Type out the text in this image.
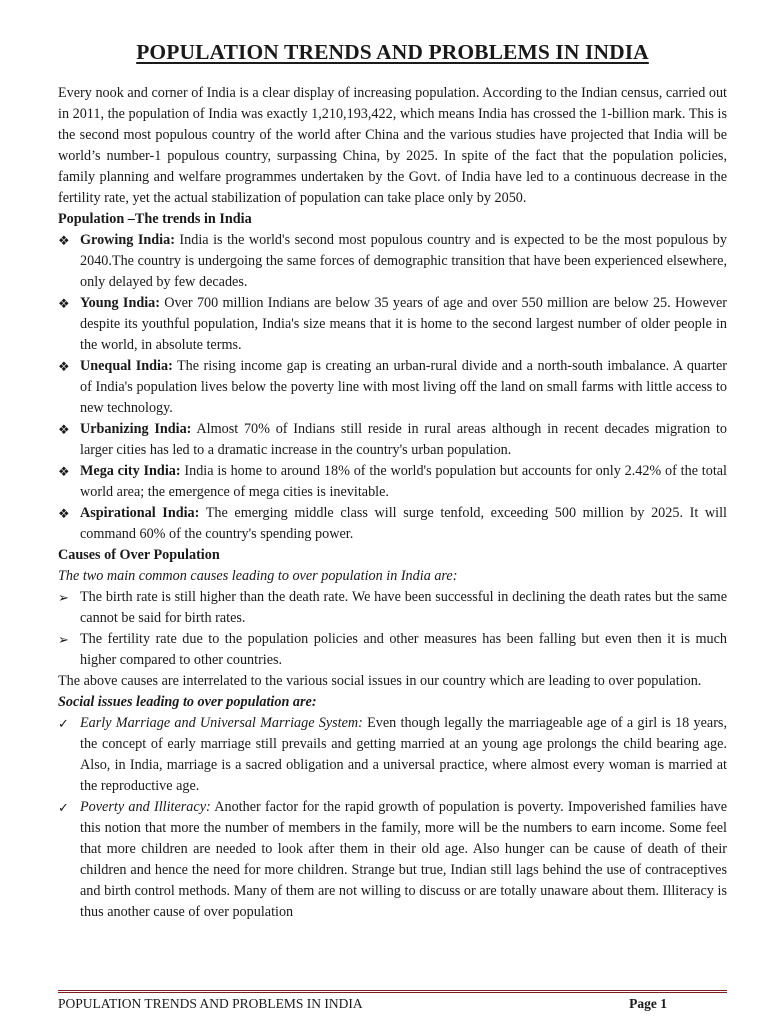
POPULATION TRENDS AND PROBLEMS IN INDIA

Every nook and corner of India is a clear display of increasing population. According to the Indian census, carried out in 2011, the population of India was exactly 1,210,193,422, which means India has crossed the 1-billion mark. This is the second most populous country of the world after China and the various studies have projected that India will be world’s number-1 populous country, surpassing China, by 2025. In spite of the fact that the population policies, family planning and welfare programmes undertaken by the Govt. of India have led to a continuous decrease in the fertility rate, yet the actual stabilization of population can take place only by 2050.

Population –The trends in India

❖ Growing India: India is the world's second most populous country and is expected to be the most populous by 2040.The country is undergoing the same forces of demographic transition that have been experienced elsewhere, only delayed by few decades.
❖ Young India: Over 700 million Indians are below 35 years of age and over 550 million are below 25. However despite its youthful population, India's size means that it is home to the second largest number of older people in the world, in absolute terms.
❖ Unequal India: The rising income gap is creating an urban-rural divide and a north-south imbalance. A quarter of India's population lives below the poverty line with most living off the land on small farms with little access to new technology.
❖ Urbanizing India: Almost 70% of Indians still reside in rural areas although in recent decades migration to larger cities has led to a dramatic increase in the country's urban population.
❖ Mega city India: India is home to around 18% of the world's population but accounts for only 2.42% of the total world area; the emergence of mega cities is inevitable.
❖ Aspirational India: The emerging middle class will surge tenfold, exceeding 500 million by 2025. It will command 60% of the country's spending power.

Causes of Over Population

The two main common causes leading to over population in India are:

➢ The birth rate is still higher than the death rate. We have been successful in declining the death rates but the same cannot be said for birth rates.
➢ The fertility rate due to the population policies and other measures has been falling but even then it is much higher compared to other countries.

The above causes are interrelated to the various social issues in our country which are leading to over population.

Social issues leading to over population are:

✓ Early Marriage and Universal Marriage System: Even though legally the marriageable age of a girl is 18 years, the concept of early marriage still prevails and getting married at an young age prolongs the child bearing age. Also, in India, marriage is a sacred obligation and a universal practice, where almost every woman is married at the reproductive age.
✓ Poverty and Illiteracy: Another factor for the rapid growth of population is poverty. Impoverished families have this notion that more the number of members in the family, more will be the numbers to earn income. Some feel that more children are needed to look after them in their old age. Also hunger can be cause of death of their children and hence the need for more children. Strange but true, Indian still lags behind the use of contraceptives and birth control methods. Many of them are not willing to discuss or are totally unaware about them. Illiteracy is thus another cause of over population
POPULATION TRENDS AND PROBLEMS IN INDIA	Page 1
